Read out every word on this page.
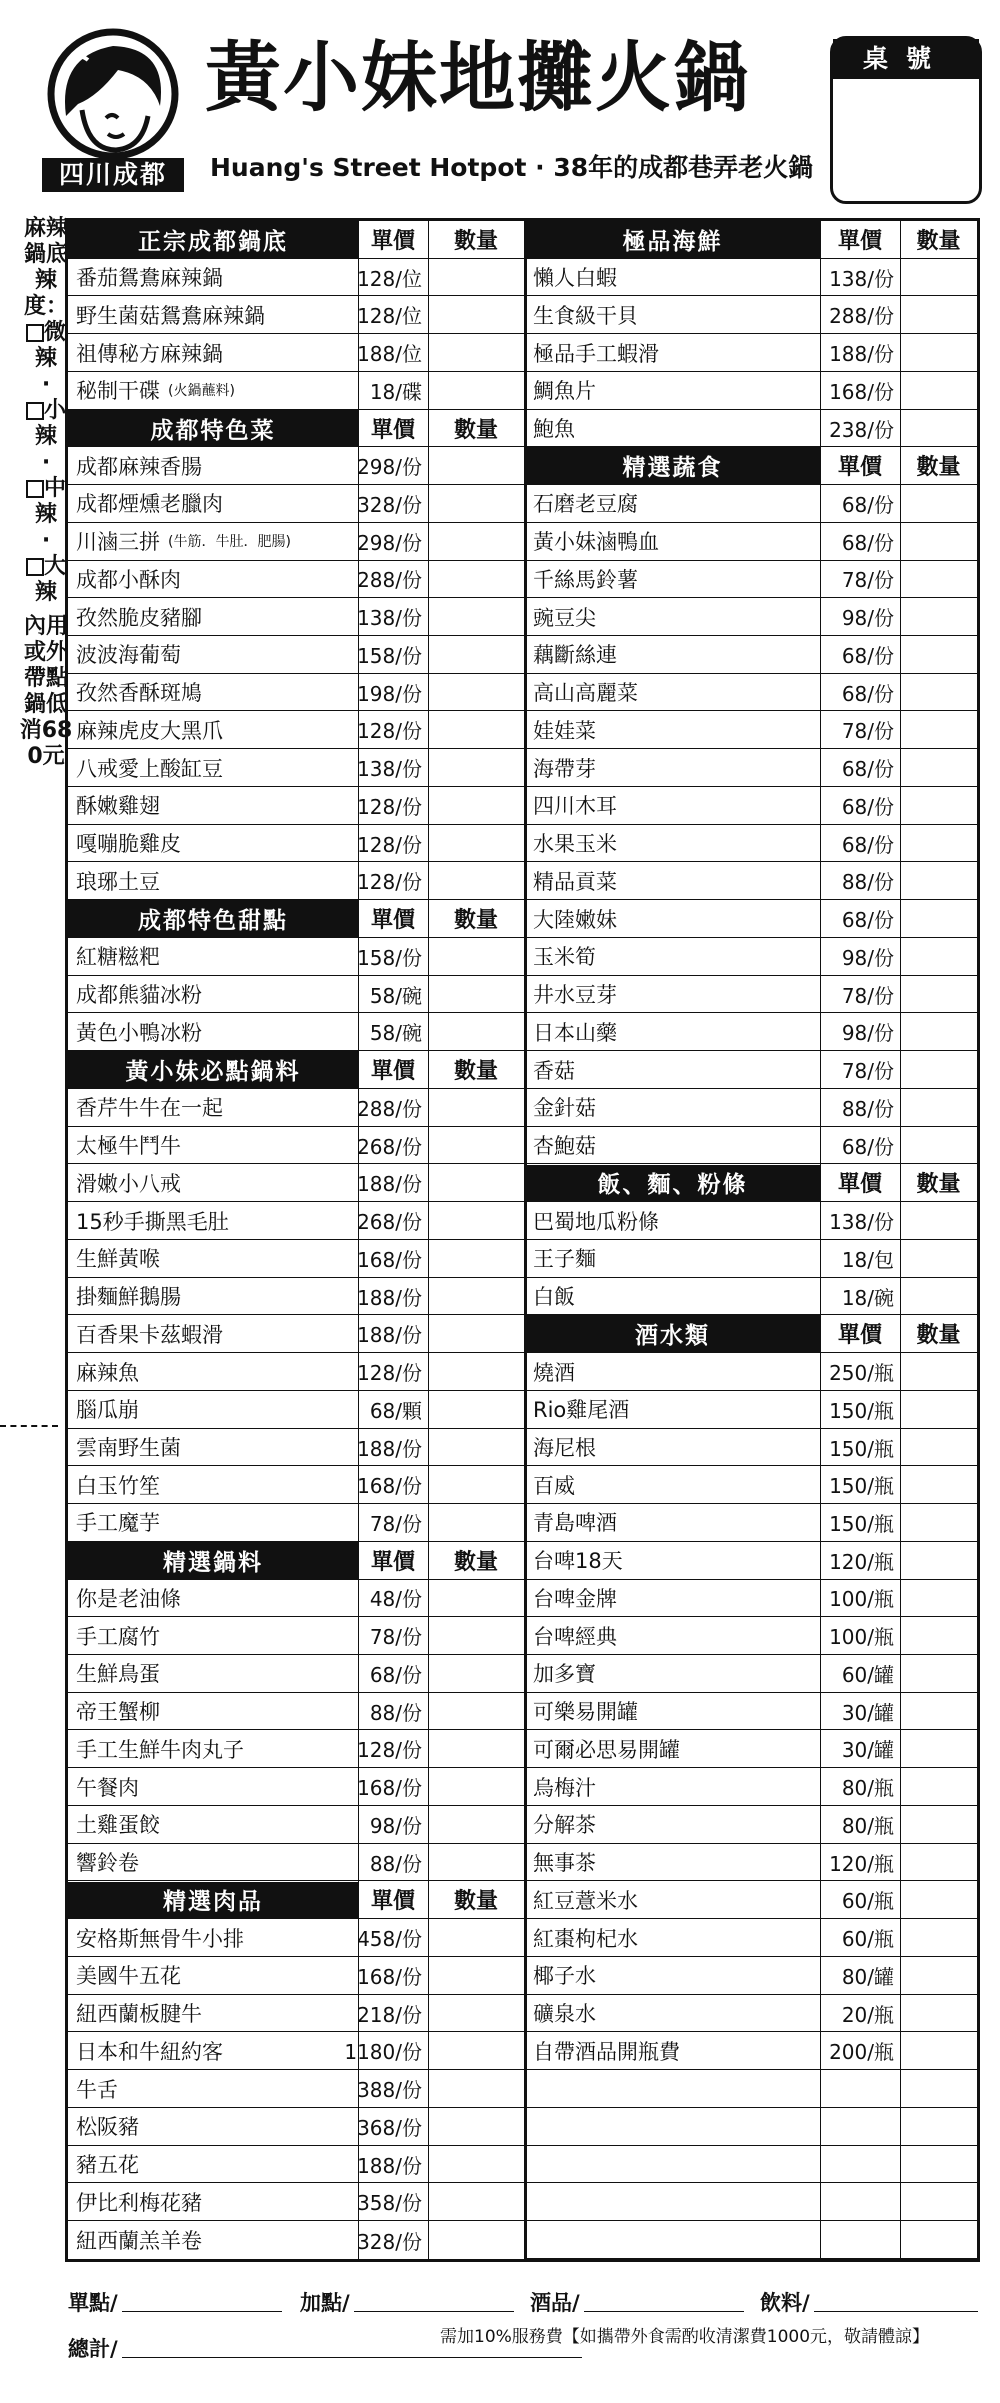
四川成都
黃小妹地攤火鍋
Huang's Street Hotpot · 38年的成都巷弄老火鍋
桌號
麻辣鍋底辣度：
微辣
·
小辣
·
中辣
·
大辣
內用或外帶點鍋低消680元
正宗成都鍋底	單價	數量
番茄鴛鴦麻辣鍋	128/位
野生菌菇鴛鴦麻辣鍋	128/位
祖傳秘方麻辣鍋	188/位
秘制干碟 (火鍋蘸料)	18/碟
成都特色菜	單價	數量
成都麻辣香腸	298/份
成都煙燻老臘肉	328/份
川滷三拼 (牛筋．牛肚．肥腸)	298/份
成都小酥肉	288/份
孜然脆皮豬腳	138/份
波波海葡萄	158/份
孜然香酥斑鳩	198/份
麻辣虎皮大黑爪	128/份
八戒愛上酸缸豆	138/份
酥嫩雞翅	128/份
嘎嘣脆雞皮	128/份
琅琊土豆	128/份
成都特色甜點	單價	數量
紅糖糍粑	158/份
成都熊貓冰粉	58/碗
黃色小鴨冰粉	58/碗
黃小妹必點鍋料	單價	數量
香芹牛牛在一起	288/份
太極牛鬥牛	268/份
滑嫩小八戒	188/份
15秒手撕黑毛肚	268/份
生鮮黃喉	168/份
掛麵鮮鵝腸	188/份
百香果卡茲蝦滑	188/份
麻辣魚	128/份
腦瓜崩	68/顆
雲南野生菌	188/份
白玉竹笙	168/份
手工魔芋	78/份
精選鍋料	單價	數量
你是老油條	48/份
手工腐竹	78/份
生鮮鳥蛋	68/份
帝王蟹柳	88/份
手工生鮮牛肉丸子	128/份
午餐肉	168/份
土雞蛋餃	98/份
響鈴卷	88/份
精選肉品	單價	數量
安格斯無骨牛小排	458/份
美國牛五花	168/份
紐西蘭板腱牛	218/份
日本和牛紐約客	1180/份
牛舌	388/份
松阪豬	368/份
豬五花	188/份
伊比利梅花豬	358/份
紐西蘭羔羊卷	328/份
極品海鮮	單價	數量
懶人白蝦	138/份
生食級干貝	288/份
極品手工蝦滑	188/份
鯛魚片	168/份
鮑魚	238/份
精選蔬食	單價	數量
石磨老豆腐	68/份
黃小妹滷鴨血	68/份
千絲馬鈴薯	78/份
豌豆尖	98/份
藕斷絲連	68/份
高山高麗菜	68/份
娃娃菜	78/份
海帶芽	68/份
四川木耳	68/份
水果玉米	68/份
精品貢菜	88/份
大陸嫩妹	68/份
玉米筍	98/份
井水豆芽	78/份
日本山藥	98/份
香菇	78/份
金針菇	88/份
杏鮑菇	68/份
飯、麵、粉條	單價	數量
巴蜀地瓜粉條	138/份
王子麵	18/包
白飯	18/碗
酒水類	單價	數量
燒酒	250/瓶
Rio雞尾酒	150/瓶
海尼根	150/瓶
百威	150/瓶
青島啤酒	150/瓶
台啤18天	120/瓶
台啤金牌	100/瓶
台啤經典	100/瓶
加多寶	60/罐
可樂易開罐	30/罐
可爾必思易開罐	30/罐
烏梅汁	80/瓶
分解茶	80/瓶
無事茶	120/瓶
紅豆薏米水	60/瓶
紅棗枸杞水	60/瓶
椰子水	80/罐
礦泉水	20/瓶
自帶酒品開瓶費	200/瓶
單點/	加點/	酒品/	飲料/
總計/	需加10%服務費【如攜帶外食需酌收清潔費1000元，敬請體諒】
